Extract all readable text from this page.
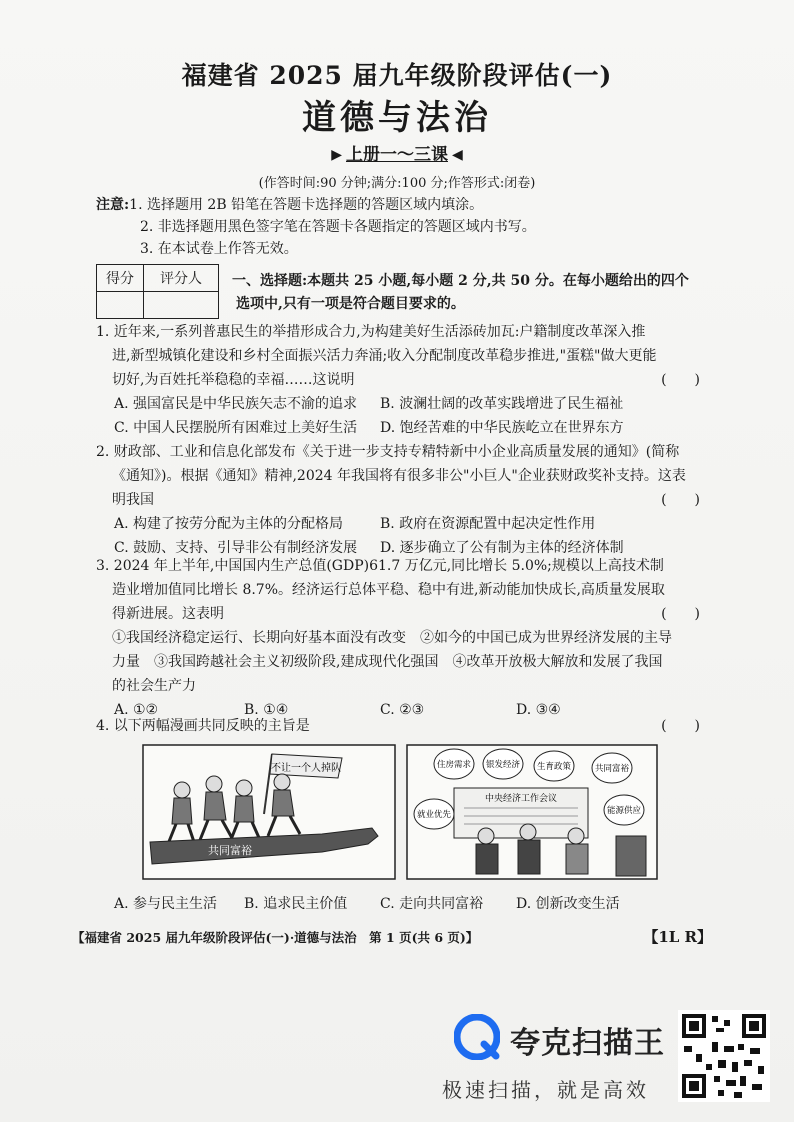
福建省 2025 届九年级阶段评估(一)
道德与法治
▶ 上册一～三课 ◀
(作答时间:90 分钟;满分:100 分;作答形式:闭卷)
注意:1. 选择题用 2B 铅笔在答题卡选择题的答题区域内填涂。
2. 非选择题用黑色签字笔在答题卡各题指定的答题区域内书写。
3. 在本试卷上作答无效。
得分	评分人
	一、选择题:本题共 25 小题,每小题 2 分,共 50 分。在每小题给出的四个
选项中,只有一项是符合题目要求的。
1. 近年来,一系列普惠民生的举措形成合力,为构建美好生活添砖加瓦:户籍制度改革深入推
进,新型城镇化建设和乡村全面振兴活力奔涌;收入分配制度改革稳步推进,"蛋糕"做大更能
切好,为百姓托举稳稳的幸福……这说明	(　　)
A. 强国富民是中华民族矢志不渝的追求	B. 波澜壮阔的改革实践增进了民生福祉
C. 中国人民摆脱所有困难过上美好生活	D. 饱经苦难的中华民族屹立在世界东方
2. 财政部、工业和信息化部发布《关于进一步支持专精特新中小企业高质量发展的通知》(简称
《通知》)。根据《通知》精神,2024 年我国将有很多非公"小巨人"企业获财政奖补支持。这表
明我国	(　　)
A. 构建了按劳分配为主体的分配格局	B. 政府在资源配置中起决定性作用
C. 鼓励、支持、引导非公有制经济发展	D. 逐步确立了公有制为主体的经济体制
3. 2024 年上半年,中国国内生产总值(GDP)61.7 万亿元,同比增长 5.0%;规模以上高技术制
造业增加值同比增长 8.7%。经济运行总体平稳、稳中有进,新动能加快成长,高质量发展取
得新进展。这表明	(　　)
①我国经济稳定运行、长期向好基本面没有改变　②如今的中国已成为世界经济发展的主导
力量　③我国跨越社会主义初级阶段,建成现代化强国　④改革开放极大解放和发展了我国
的社会生产力
A. ①②	B. ①④	C. ②③	D. ③④
4. 以下两幅漫画共同反映的主旨是	(　　)
不让一个人掉队
共同富裕
中央经济工作会议
住房需求 银发经济 生育政策	共同富裕
就业优先	能源供应
A. 参与民主生活	B. 追求民主价值	C. 走向共同富裕	D. 创新改变生活
【福建省 2025 届九年级阶段评估(一)·道德与法治　第 1 页(共 6 页)】	【1L R】
夸克扫描王
极速扫描，就是高效
